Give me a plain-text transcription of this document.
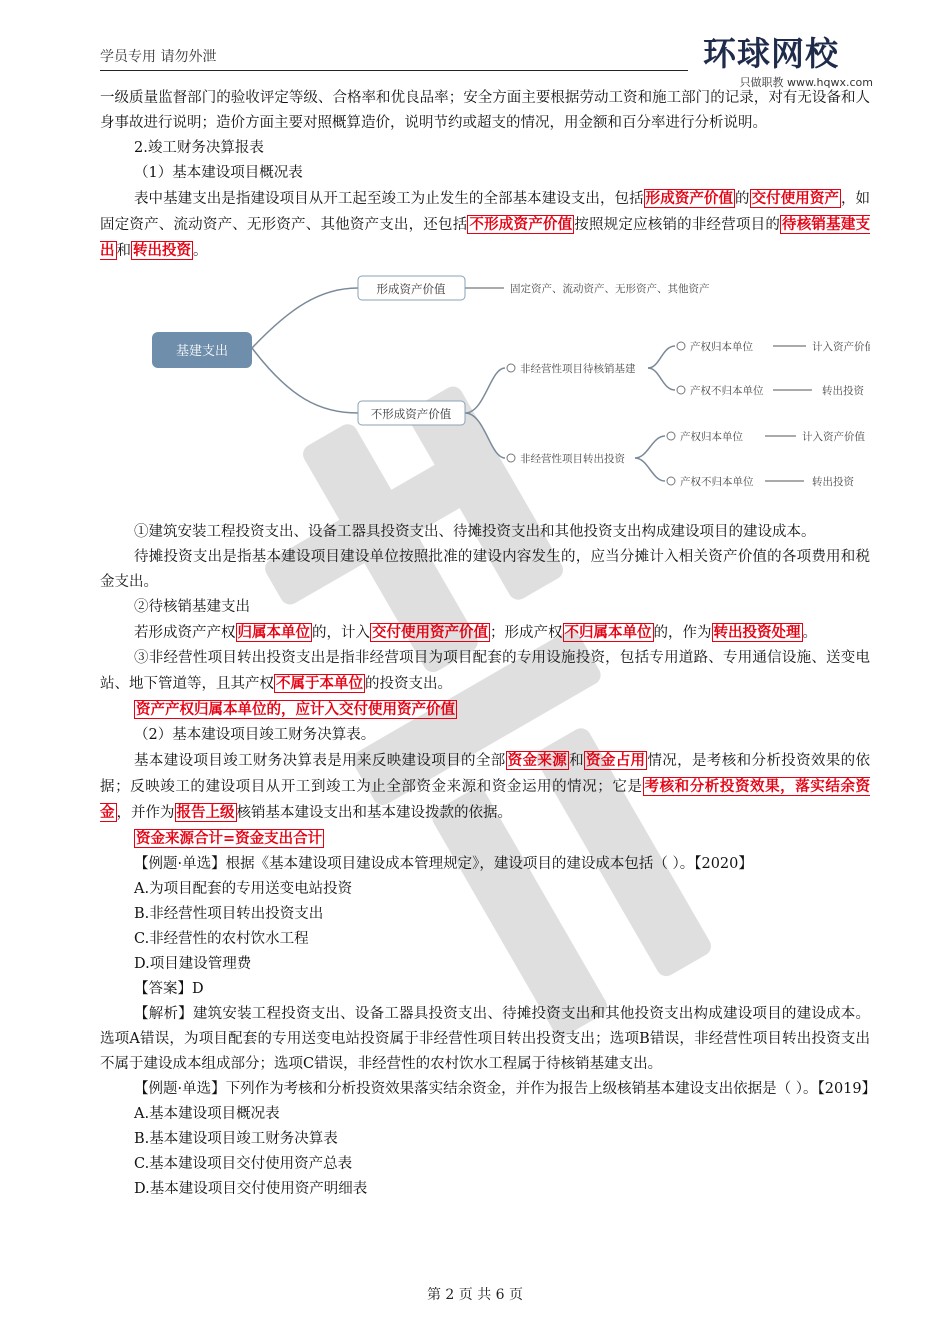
学员专用 请勿外泄	环球网校
只做职教 www.hqwx.com

一级质量监督部门的验收评定等级、合格率和优良品率；安全方面主要根据劳动工资和施工部门的记录，对有无设备和人身事故进行说明；造价方面主要对照概算造价，说明节约或超支的情况，用金额和百分率进行分析说明。

2.竣工财务决算报表

（1）基本建设项目概况表

表中基建支出是指建设项目从开工起至竣工为止发生的全部基本建设支出，包括 形成资产价值 的 交付使用资产 ，如固定资产、流动资产、无形资产、其他资产支出，还包括 不形成资产价值 按照规定应核销的非经营项目的 待核销基建支出 和 转出投资 。

基建支出
形成资产价值	固定资产、流动资产、无形资产、其他资产
不形成资产价值
非经营性项目待核销基建
非经营性项目转出投资
产权归本单位	计入资产价值
产权不归本单位	转出投资
产权归本单位	计入资产价值
产权不归本单位	转出投资

①建筑安装工程投资支出、设备工器具投资支出、待摊投资支出和其他投资支出构成建设项目的建设成本。

待摊投资支出是指基本建设项目建设单位按照批准的建设内容发生的，应当分摊计入相关资产价值的各项费用和税金支出。

②待核销基建支出

若形成资产产权 归属本单位 的，计入 交付使用资产价值 ；形成产权 不归属本单位 的，作为 转出投资处理 。

③非经营性项目转出投资支出是指非经营项目为项目配套的专用设施投资，包括专用道路、专用通信设施、送变电站、地下管道等，且其产权 不属于本单位 的投资支出。

资产产权归属本单位的，应计入交付使用资产价值

（2）基本建设项目竣工财务决算表。

基本建设项目竣工财务决算表是用来反映建设项目的全部 资金来源 和 资金占用 情况，是考核和分析投资效果的依据；反映竣工的建设项目从开工到竣工为止全部资金来源和资金运用的情况；它是 考核和分析投资效果，落实结余资金 ，并作为 报告上级 核销基本建设支出和基本建设拨款的依据。

资金来源合计=资金支出合计

【例题·单选】根据《基本建设项目建设成本管理规定》，建设项目的建设成本包括（ ）。【2020】

A.为项目配套的专用送变电站投资

B.非经营性项目转出投资支出

C.非经营性的农村饮水工程

D.项目建设管理费

【答案】D

【解析】建筑安装工程投资支出、设备工器具投资支出、待摊投资支出和其他投资支出构成建设项目的建设成本。选项A错误，为项目配套的专用送变电站投资属于非经营性项目转出投资支出；选项B错误，非经营性项目转出投资支出不属于建设成本组成部分；选项C错误，非经营性的农村饮水工程属于待核销基建支出。

【例题·单选】下列作为考核和分析投资效果落实结余资金，并作为报告上级核销基本建设支出依据是（ ）。【2019】

A.基本建设项目概况表

B.基本建设项目竣工财务决算表

C.基本建设项目交付使用资产总表

D.基本建设项目交付使用资产明细表

第 2 页 共 6 页
